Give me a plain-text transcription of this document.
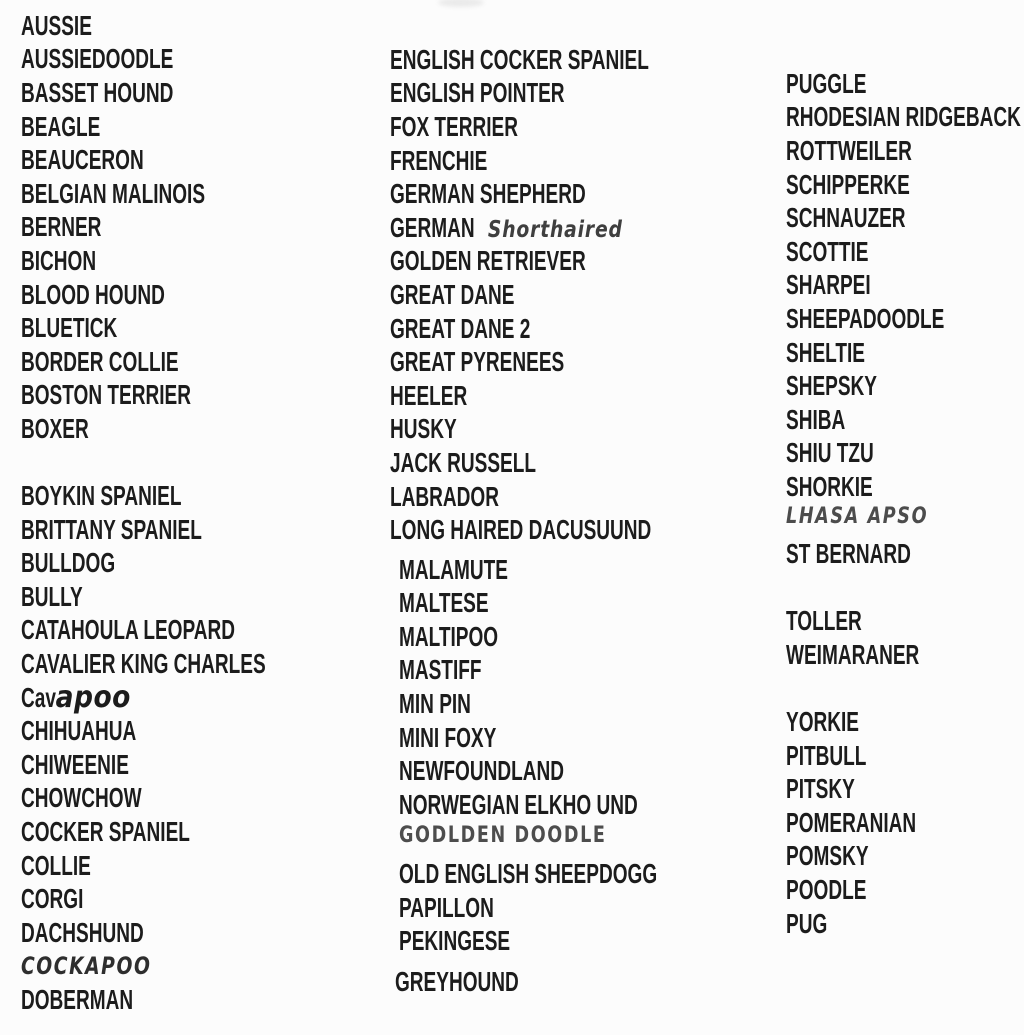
AUSSIE
AUSSIEDOODLE
BASSET HOUND
BEAGLE
BEAUCERON
BELGIAN MALINOIS
BERNER
BICHON
BLOOD HOUND
BLUETICK
BORDER COLLIE
BOSTON TERRIER
BOXER
BOYKIN SPANIEL
BRITTANY SPANIEL
BULLDOG
BULLY
CATAHOULA LEOPARD
CAVALIER KING CHARLES
Cavapoo
CHIHUAHUA
CHIWEENIE
CHOWCHOW
COCKER SPANIEL
COLLIE
CORGI
DACHSHUND
COCKAPOO
DOBERMAN
ENGLISH COCKER SPANIEL
ENGLISH POINTER
FOX TERRIER
FRENCHIE
GERMAN SHEPHERD
GERMAN Shorthaired
GOLDEN RETRIEVER
GREAT DANE
GREAT DANE 2
GREAT PYRENEES
HEELER
HUSKY
JACK RUSSELL
LABRADOR
LONG HAIRED DACUSUUND
MALAMUTE
MALTESE
MALTIPOO
MASTIFF
MIN PIN
MINI FOXY
NEWFOUNDLAND
NORWEGIAN ELKHO UND
GODLDEN DOODLE
OLD ENGLISH SHEEPDOGG
PAPILLON
PEKINGESE
GREYHOUND
PUGGLE
RHODESIAN RIDGEBACK
ROTTWEILER
SCHIPPERKE
SCHNAUZER
SCOTTIE
SHARPEI
SHEEPADOODLE
SHELTIE
SHEPSKY
SHIBA
SHIU TZU
SHORKIE
LHASA APSO
ST BERNARD
TOLLER
WEIMARANER
YORKIE
PITBULL
PITSKY
POMERANIAN
POMSKY
POODLE
PUG
